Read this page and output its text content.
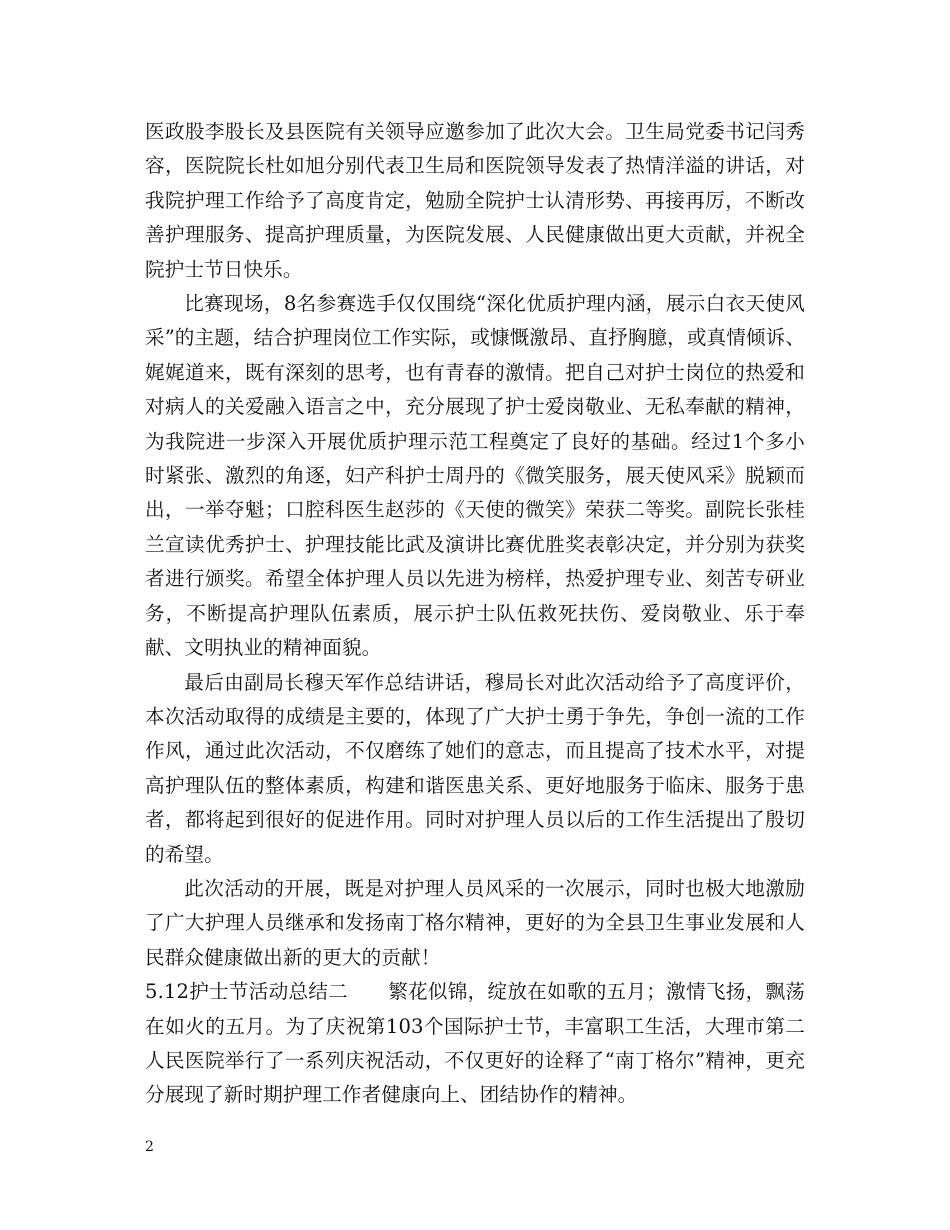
医政股李股长及县医院有关领导应邀参加了此次大会。卫生局党委书记闫秀容，医院院长杜如旭分别代表卫生局和医院领导发表了热情洋溢的讲话，对我院护理工作给予了高度肯定，勉励全院护士认清形势、再接再厉，不断改善护理服务、提高护理质量，为医院发展、人民健康做出更大贡献，并祝全院护士节日快乐。

比赛现场，8名参赛选手仅仅围绕“深化优质护理内涵，展示白衣天使风采”的主题，结合护理岗位工作实际，或慷慨激昂、直抒胸臆，或真情倾诉、娓娓道来，既有深刻的思考，也有青春的激情。把自己对护士岗位的热爱和对病人的关爱融入语言之中，充分展现了护士爱岗敬业、无私奉献的精神，为我院进一步深入开展优质护理示范工程奠定了良好的基础。经过1个多小时紧张、激烈的角逐，妇产科护士周丹的《微笑服务，展天使风采》脱颖而出，一举夺魁；口腔科医生赵莎的《天使的微笑》荣获二等奖。副院长张桂兰宣读优秀护士、护理技能比武及演讲比赛优胜奖表彰决定，并分别为获奖者进行颁奖。希望全体护理人员以先进为榜样，热爱护理专业、刻苦专研业务，不断提高护理队伍素质，展示护士队伍救死扶伤、爱岗敬业、乐于奉献、文明执业的精神面貌。

最后由副局长穆天军作总结讲话，穆局长对此次活动给予了高度评价，本次活动取得的成绩是主要的，体现了广大护士勇于争先，争创一流的工作作风，通过此次活动，不仅磨练了她们的意志，而且提高了技术水平，对提高护理队伍的整体素质，构建和谐医患关系、更好地服务于临床、服务于患者，都将起到很好的促进作用。同时对护理人员以后的工作生活提出了殷切的希望。

此次活动的开展，既是对护理人员风采的一次展示，同时也极大地激励了广大护理人员继承和发扬南丁格尔精神，更好的为全县卫生事业发展和人民群众健康做出新的更大的贡献！

5.12护士节活动总结二 繁花似锦，绽放在如歌的五月；激情飞扬，飘荡在如火的五月。为了庆祝第103个国际护士节，丰富职工生活，大理市第二人民医院举行了一系列庆祝活动，不仅更好的诠释了“南丁格尔”精神，更充分展现了新时期护理工作者健康向上、团结协作的精神。

2
